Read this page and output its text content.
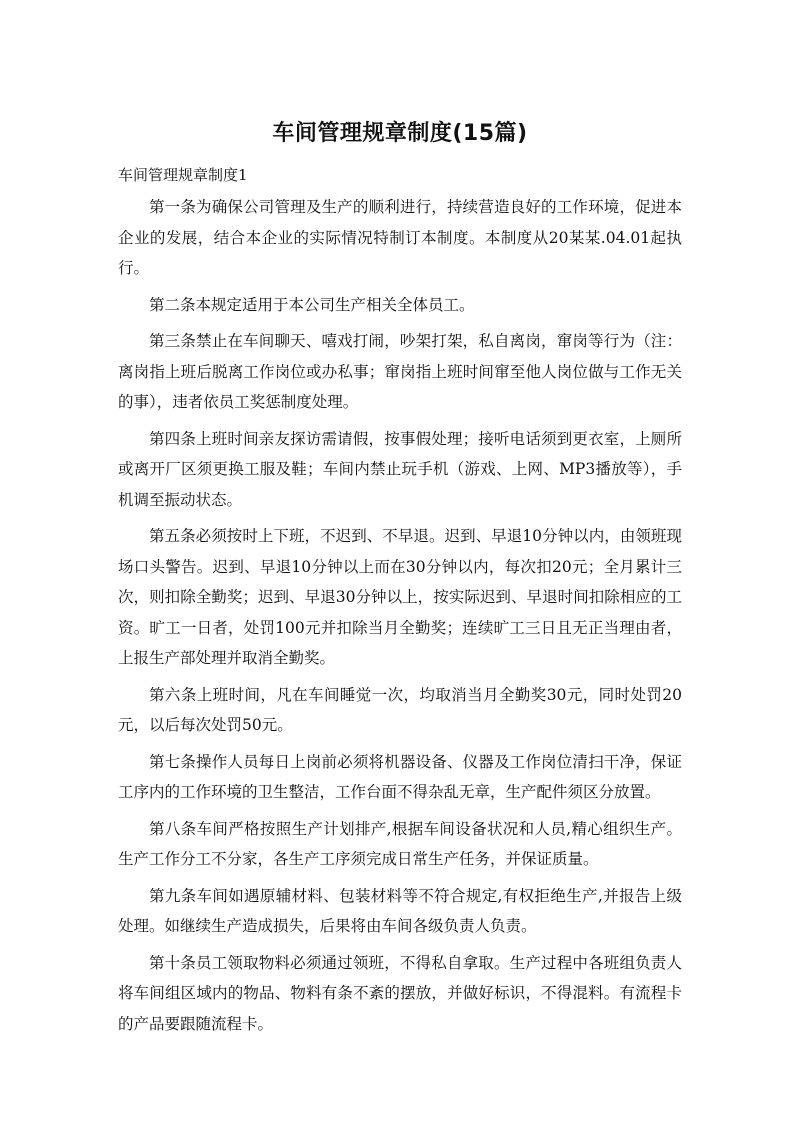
车间管理规章制度(15篇)

车间管理规章制度1

第一条为确保公司管理及生产的顺利进行，持续营造良好的工作环境，促进本企业的发展，结合本企业的实际情况特制订本制度。本制度从20某某.04.01起执行。

第二条本规定适用于本公司生产相关全体员工。

第三条禁止在车间聊天、嘻戏打闹，吵架打架，私自离岗，窜岗等行为（注：离岗指上班后脱离工作岗位或办私事；窜岗指上班时间窜至他人岗位做与工作无关的事），违者依员工奖惩制度处理。

第四条上班时间亲友探访需请假，按事假处理；接听电话须到更衣室，上厕所或离开厂区须更换工服及鞋；车间内禁止玩手机（游戏、上网、MP3播放等），手机调至振动状态。

第五条必须按时上下班，不迟到、不早退。迟到、早退10分钟以内，由领班现场口头警告。迟到、早退10分钟以上而在30分钟以内，每次扣20元；全月累计三次，则扣除全勤奖；迟到、早退30分钟以上，按实际迟到、早退时间扣除相应的工资。旷工一日者，处罚100元并扣除当月全勤奖；连续旷工三日且无正当理由者，上报生产部处理并取消全勤奖。

第六条上班时间，凡在车间睡觉一次，均取消当月全勤奖30元，同时处罚20元，以后每次处罚50元。

第七条操作人员每日上岗前必须将机器设备、仪器及工作岗位清扫干净，保证工序内的工作环境的卫生整洁，工作台面不得杂乱无章，生产配件须区分放置。

第八条车间严格按照生产计划排产,根据车间设备状况和人员,精心组织生产。生产工作分工不分家，各生产工序须完成日常生产任务，并保证质量。

第九条车间如遇原辅材料、包装材料等不符合规定,有权拒绝生产,并报告上级处理。如继续生产造成损失，后果将由车间各级负责人负责。

第十条员工领取物料必须通过领班，不得私自拿取。生产过程中各班组负责人将车间组区域内的物品、物料有条不紊的摆放，并做好标识，不得混料。有流程卡的产品要跟随流程卡。
